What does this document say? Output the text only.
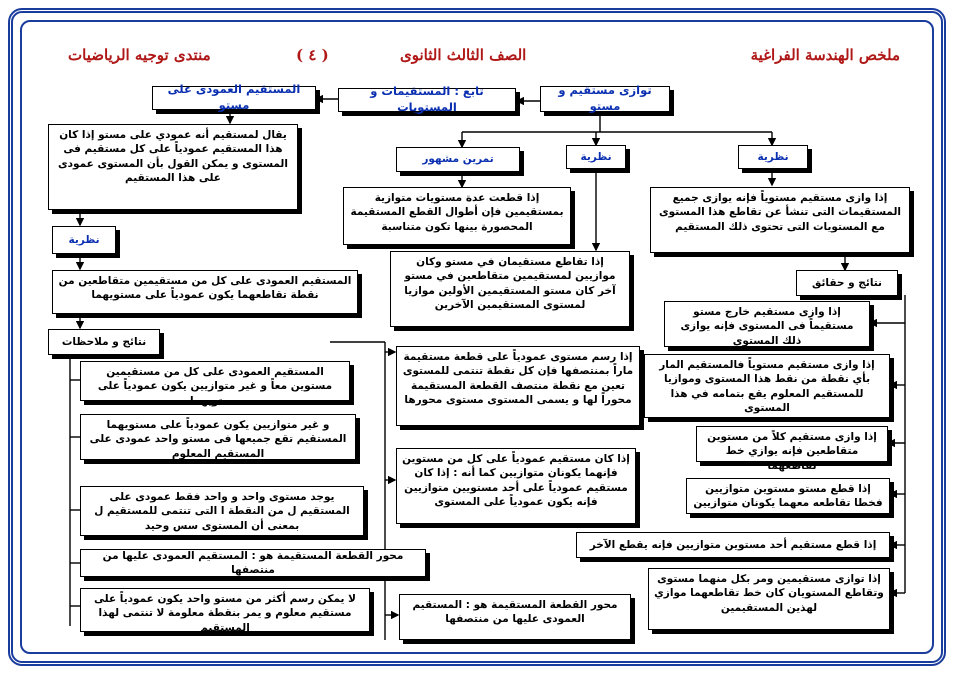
ملخص الهندسة الفراغية
الصف الثالث الثانوى
( ٤ )
منتدى توجيه الرياضيات
توازى مستقيم و مستو
تابع : المستقيمات و المستويات
المستقيم العمودى على مستو
نظرية
نظرية
تمرين مشهور
إذا وازى مستقيم مستوياً فإنه يوازى جميع المستقيمات التى تنشأ عن تقاطع هذا المستوى مع المستويات التى تحتوى ذلك المستقيم
إذا قطعت عدة مستويات متوازية بمستقيمين فإن أطوال القطع المستقيمة المحصورة بينها تكون متناسبة
إذا تقاطع مستقيمان في مستو وكان موازيين لمستقيمين متقاطعين في مستو آخر كان مستو المستقيمين الأولين موازيا لمستوى المستقيمين الآخرين
يقال لمستقيم أنه عمودي على مستو إذا كان هذا المستقيم عمودياً على كل مستقيم فى المستوى و يمكن القول بأن المستوى عمودى على هذا المستقيم
نظرية
المستقيم العمودى على كل من مستقيمين متقاطعين من نقطة تقاطعهما يكون عمودياً على مستويهما
نتائج و ملاحظات
نتائج و حقائق
إذا وازى مستقيم خارج مستو مستقيماً فى المستوى فإنه يوازى ذلك المستوى
إذا وازى مستقيم مستوياً فالمستقيم المار بأي نقطة من نقط هذا المستوى وموازيا للمستقيم المعلوم يقع بتمامه في هذا المستوى
إذا وازى مستقيم كلاً من مستوين متقاطعين فإنه يوازي خط تقاطعهما
إذا قطع مستو مستوين متوازيين فخطا تقاطعه معهما يكونان متوازيين
إذا قطع مستقيم أحد مستوين متوازيين فإنه يقطع الآخر
إذا توازى مستقيمين ومر بكل منهما مستوى وتقاطع المستويان كان خط تقاطعهما موازي لهذين المستقيمين
إذا رسم مستوى عمودياً على قطعة مستقيمة ماراً بمنتصفها فإن كل نقطة تنتمى للمستوى تعين مع نقطة منتصف القطعة المستقيمة محوراً لها و يسمى المستوى مستوى محورها
إذا كان مستقيم عمودياً على كل من مستوين فإنهما يكونان متوازيين كما أنه : إذا كان مستقيم عمودياً على أحد مستويين متوازيين فإنه يكون عمودياً على المستوى
محور القطعة المستقيمة هو : المستقيم العمودى عليها من منتصفها
المستقيم العمودى على كل من مستقيمين مستوين معاً و غير متوازيين يكون عمودياً على مستويهما
و غير متوازيين يكون عمودياً على مستويهما المستقيم تقع جميعها فى مستو واحد عمودى على المستقيم المعلوم
يوجد مستوى واحد و واحد فقط عمودى على المستقيم ل من النقطة ا التى تنتمى للمستقيم ل بمعنى أن المستوى سس وحيد
محور القطعة المستقيمة هو : المستقيم العمودى عليها من منتصفها
لا يمكن رسم أكثر من مستو واحد يكون عمودياً على مستقيم معلوم و يمر بنقطة معلومة لا تنتمى لهذا المستقيم
